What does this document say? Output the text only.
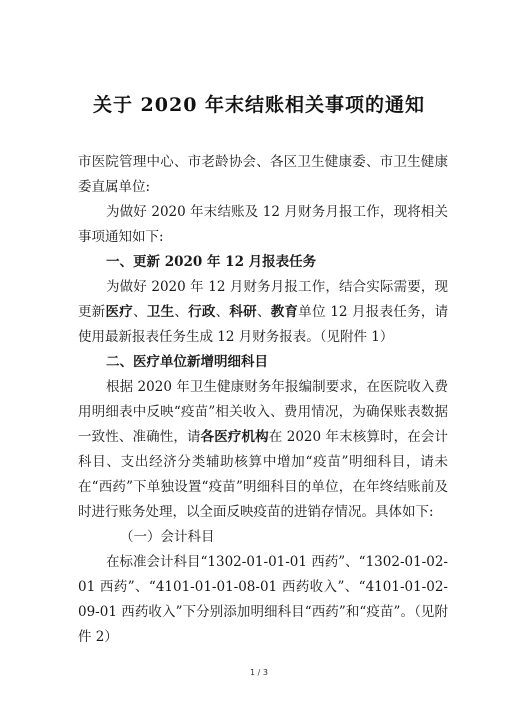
关于 2020 年末结账相关事项的通知

市医院管理中心、市老龄协会、各区卫生健康委、市卫生健康委直属单位:

为做好 2020 年末结账及 12 月财务月报工作，现将相关事项通知如下:

一、更新 2020 年 12 月报表任务

为做好 2020 年 12 月财务月报工作，结合实际需要，现更新医疗、卫生、行政、科研、教育单位 12 月报表任务，请使用最新报表任务生成 12 月财务报表。（见附件 1）

二、医疗单位新增明细科目

根据 2020 年卫生健康财务年报编制要求，在医院收入费用明细表中反映“疫苗”相关收入、费用情况，为确保账表数据一致性、准确性，请各医疗机构在 2020 年末核算时，在会计科目、支出经济分类辅助核算中增加“疫苗”明细科目，请未在“西药”下单独设置“疫苗”明细科目的单位，在年终结账前及时进行账务处理，以全面反映疫苗的进销存情况。具体如下:

（一）会计科目

在标准会计科目“1302-01-01-01 西药”、“1302-01-02-01 西药”、“4101-01-01-08-01 西药收入”、“4101-01-02-09-01 西药收入”下分别添加明细科目“西药”和“疫苗”。（见附件 2）

1 / 3
